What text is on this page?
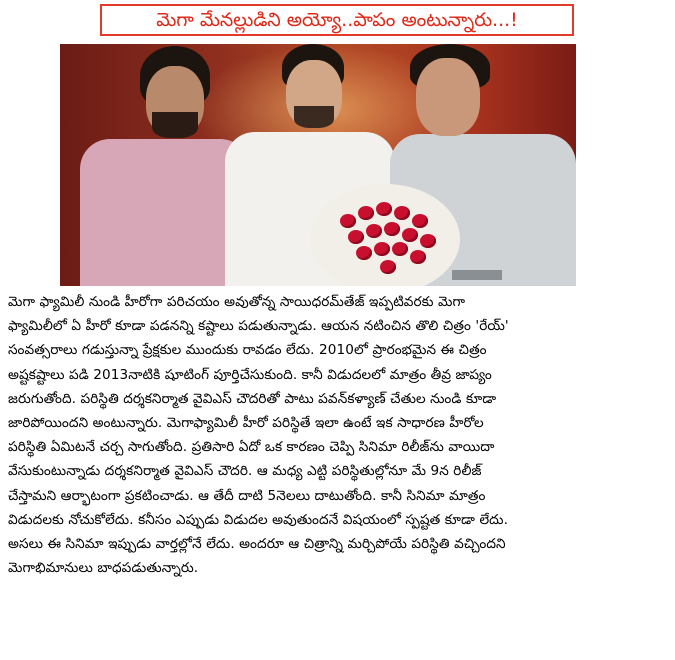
మెగా మేనల్లుడిని అయ్యో..పాపం అంటున్నారు...!
మెగా ఫ్యామిలీ నుండి హీరోగా పరిచయం అవుతోన్న సాయిధరమ్‌తేజ్ ఇప్పటివరకు మెగా
ఫ్యామిలీలో ఏ హీరో కూడా పడనన్ని కష్టాలు పడుతున్నాడు. ఆయన నటించిన తొలి చిత్రం 'రేయ్'
సంవత్సరాలు గడుస్తున్నా ప్రేక్షకుల ముందుకు రావడం లేదు. 2010లో ప్రారంభమైన ఈ చిత్రం
అష్టకష్టాలు పడి 2013నాటికి షూటింగ్ పూర్తిచేసుకుంది. కానీ విడుదలలో మాత్రం తీవ్ర జాప్యం
జరుగుతోంది. పరిస్థితి దర్శకనిర్మాత వైవిఎస్ చౌదరితో పాటు పవన్‌కళ్యాణ్ చేతుల నుండి కూడా
జారిపోయిందని అంటున్నారు. మెగాఫ్యామిలీ హీరో పరిస్థితే ఇలా ఉంటే ఇక సాధారణ హీరోల
పరిస్థితి ఏమిటనే చర్చ సాగుతోంది. ప్రతిసారి ఏదో ఒక కారణం చెప్పి సినిమా రిలీజ్‌ను వాయిదా
వేసుకుంటున్నాడు దర్శకనిర్మాత వైవిఎస్ చౌదరి. ఆ మధ్య ఎట్టి పరిస్థితుల్లోనూ మే 9న రిలీజ్
చేస్తామని ఆర్భాటంగా ప్రకటించాడు. ఆ తేదీ దాటి 5నెలలు దాటుతోంది. కానీ సినిమా మాత్రం
విడుదలకు నోచుకోలేదు. కనీసం ఎప్పుడు విడుదల అవుతుందనే విషయంలో స్పష్టత కూడా లేదు.
అసలు ఈ సినిమా ఇప్పుడు వార్తల్లోనే లేదు. అందరూ ఆ చిత్రాన్ని మర్చిపోయే పరిస్థితి వచ్చిందని
మెగాభిమానులు బాధపడుతున్నారు.
